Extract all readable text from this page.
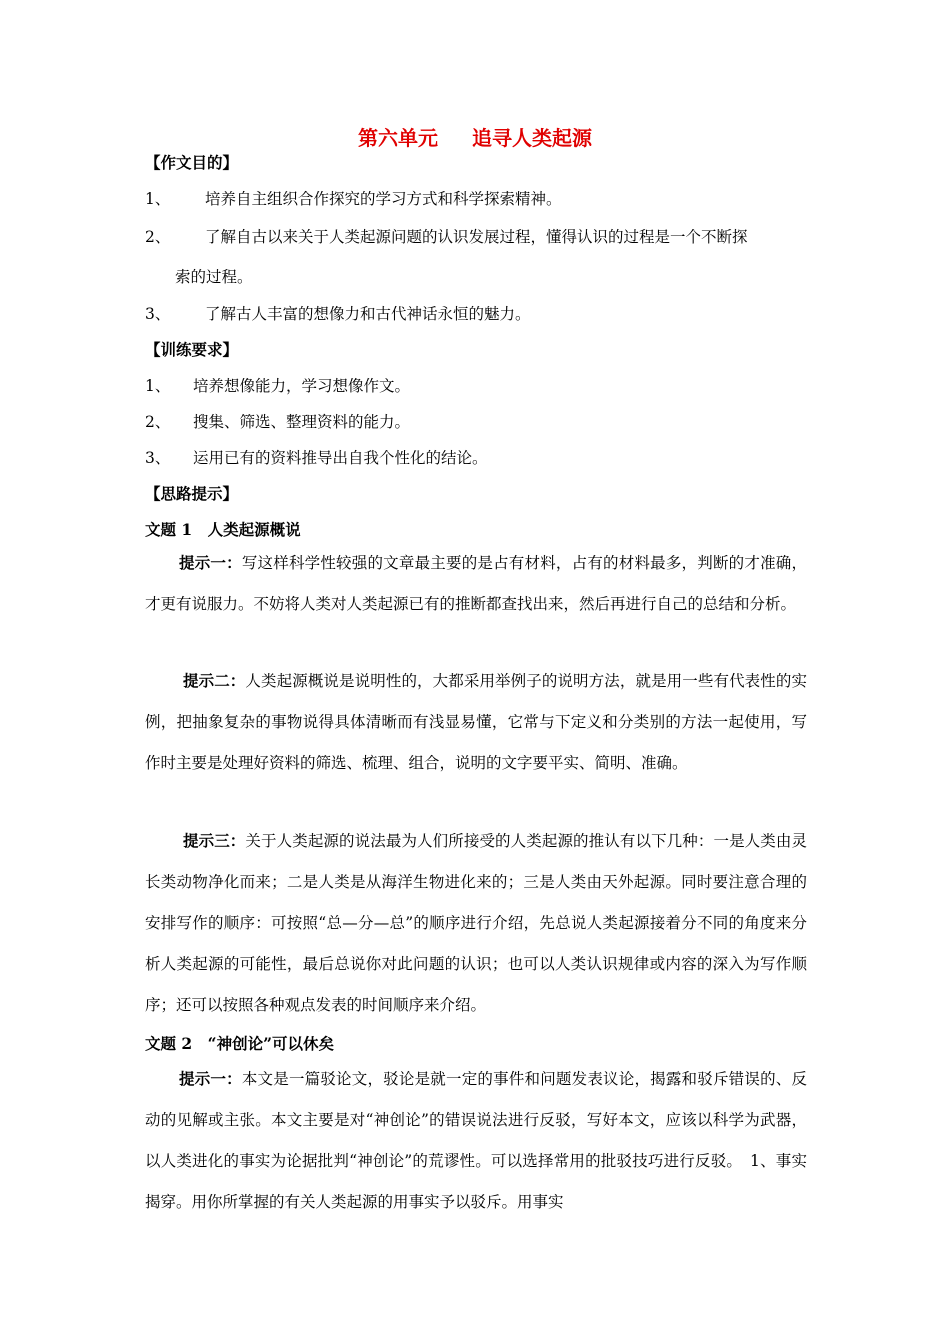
第六单元 追寻人类起源
【作文目的】
1、 培养自主组织合作探究的学习方式和科学探索精神。
2、 了解自古以来关于人类起源问题的认识发展过程，懂得认识的过程是一个不断探
索的过程。
3、 了解古人丰富的想像力和古代神话永恒的魅力。
【训练要求】
1、 培养想像能力，学习想像作文。
2、 搜集、筛选、整理资料的能力。
3、 运用已有的资料推导出自我个性化的结论。
【思路提示】
文题 1　人类起源概说
提示一：写这样科学性较强的文章最主要的是占有材料，占有的材料最多，判断的才准确，才更有说服力。不妨将人类对人类起源已有的推断都查找出来，然后再进行自己的总结和分析。
提示二：人类起源概说是说明性的，大都采用举例子的说明方法，就是用一些有代表性的实例，把抽象复杂的事物说得具体清晰而有浅显易懂，它常与下定义和分类别的方法一起使用，写作时主要是处理好资料的筛选、梳理、组合，说明的文字要平实、简明、准确。
提示三：关于人类起源的说法最为人们所接受的人类起源的推认有以下几种：一是人类由灵长类动物净化而来；二是人类是从海洋生物进化来的；三是人类由天外起源。同时要注意合理的安排写作的顺序：可按照“总—分—总”的顺序进行介绍，先总说人类起源接着分不同的角度来分析人类起源的可能性，最后总说你对此问题的认识；也可以人类认识规律或内容的深入为写作顺序；还可以按照各种观点发表的时间顺序来介绍。
文题 2　“神创论”可以休矣
提示一：本文是一篇驳论文，驳论是就一定的事件和问题发表议论，揭露和驳斥错误的、反动的见解或主张。本文主要是对“神创论”的错误说法进行反驳，写好本文，应该以科学为武器，以人类进化的事实为论据批判“神创论”的荒谬性。可以选择常用的批驳技巧进行反驳。　1、事实揭穿。用你所掌握的有关人类起源的用事实予以驳斥。用事实
